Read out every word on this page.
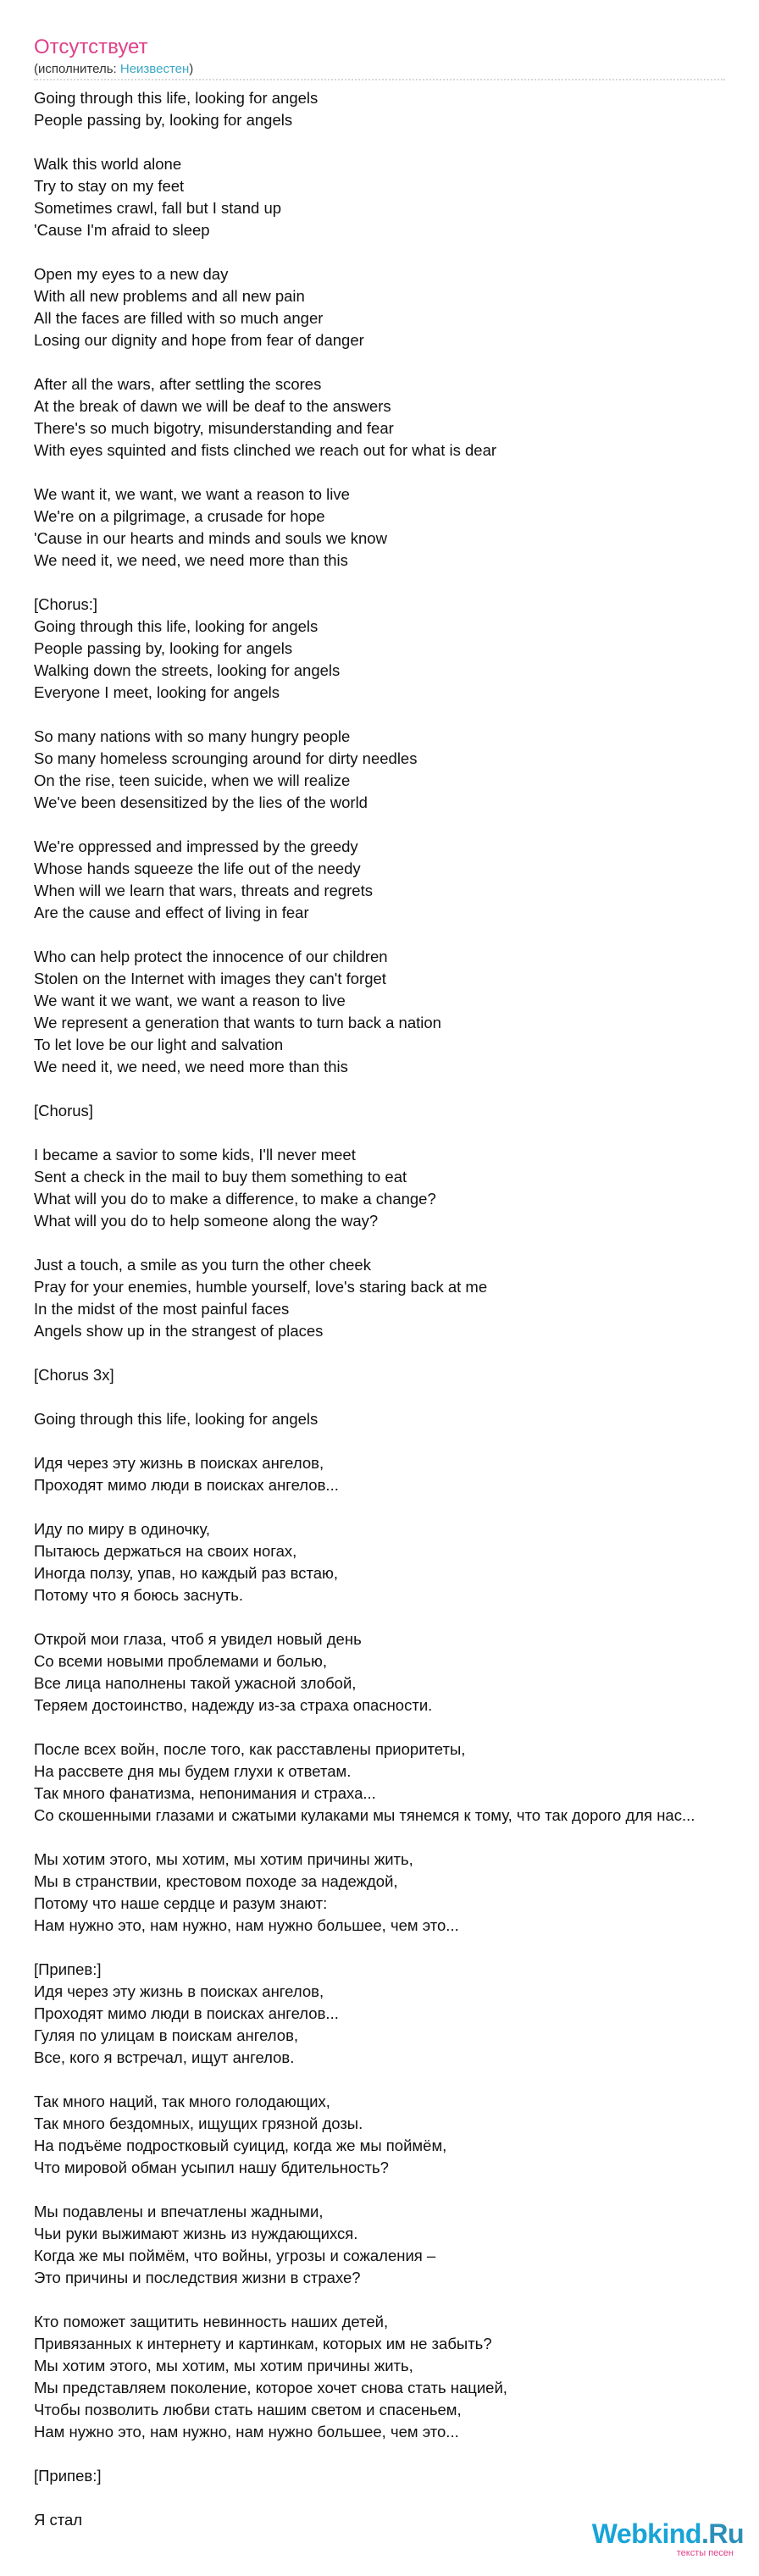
Отсутствует
(исполнитель: Неизвестен)
Going through this life, looking for angels
People passing by, looking for angels
Walk this world alone
Try to stay on my feet
Sometimes crawl, fall but I stand up
'Cause I'm afraid to sleep
Open my eyes to a new day
With all new problems and all new pain
All the faces are filled with so much anger
Losing our dignity and hope from fear of danger
After all the wars, after settling the scores
At the break of dawn we will be deaf to the answers
There's so much bigotry, misunderstanding and fear
With eyes squinted and fists clinched we reach out for what is dear
We want it, we want, we want a reason to live
We're on a pilgrimage, a crusade for hope
'Cause in our hearts and minds and souls we know
We need it, we need, we need more than this
[Chorus:]
Going through this life, looking for angels
People passing by, looking for angels
Walking down the streets, looking for angels
Everyone I meet, looking for angels
So many nations with so many hungry people
So many homeless scrounging around for dirty needles
On the rise, teen suicide, when we will realize
We've been desensitized by the lies of the world
We're oppressed and impressed by the greedy
Whose hands squeeze the life out of the needy
When will we learn that wars, threats and regrets
Are the cause and effect of living in fear
Who can help protect the innocence of our children
Stolen on the Internet with images they can't forget
We want it we want, we want a reason to live
We represent a generation that wants to turn back a nation
To let love be our light and salvation
We need it, we need, we need more than this
[Chorus]
I became a savior to some kids, I'll never meet
Sent a check in the mail to buy them something to eat
What will you do to make a difference, to make a change?
What will you do to help someone along the way?
Just a touch, a smile as you turn the other cheek
Pray for your enemies, humble yourself, love's staring back at me
In the midst of the most painful faces
Angels show up in the strangest of places
[Chorus 3x]
Going through this life, looking for angels
Идя через эту жизнь в поисках ангелов,
Проходят мимо люди в поисках ангелов...
Иду по миру в одиночку,
Пытаюсь держаться на своих ногах,
Иногда ползу, упав, но каждый раз встаю,
Потому что я боюсь заснуть.
Открой мои глаза, чтоб я увидел новый день
Со всеми новыми проблемами и болью,
Все лица наполнены такой ужасной злобой,
Теряем достоинство, надежду из-за страха опасности.
После всех войн, после того, как расставлены приоритеты,
На рассвете дня мы будем глухи к ответам.
Так много фанатизма, непонимания и страха...
Со скошенными глазами и сжатыми кулаками мы тянемся к тому, что так дорого для нас...
Мы хотим этого, мы хотим, мы хотим причины жить,
Мы в странствии, крестовом походе за надеждой,
Потому что наше сердце и разум знают:
Нам нужно это, нам нужно, нам нужно большее, чем это...
[Припев:]
Идя через эту жизнь в поисках ангелов,
Проходят мимо люди в поисках ангелов...
Гуляя по улицам в поискам ангелов,
Все, кого я встречал, ищут ангелов.
Так много наций, так много голодающих,
Так много бездомных, ищущих грязной дозы.
На подъёме подростковый суицид, когда же мы поймём,
Что мировой обман усыпил нашу бдительность?
Мы подавлены и впечатлены жадными,
Чьи руки выжимают жизнь из нуждающихся.
Когда же мы поймём, что войны, угрозы и сожаления –
Это причины и последствия жизни в страхе?
Кто поможет защитить невинность наших детей,
Привязанных к интернету и картинкам, которых им не забыть?
Мы хотим этого, мы хотим, мы хотим причины жить,
Мы представляем поколение, которое хочет снова стать нацией,
Чтобы позволить любви стать нашим светом и спасеньем,
Нам нужно это, нам нужно, нам нужно большее, чем это...
[Припев:]
Я стал	Webkind.Ru
тексты песен
